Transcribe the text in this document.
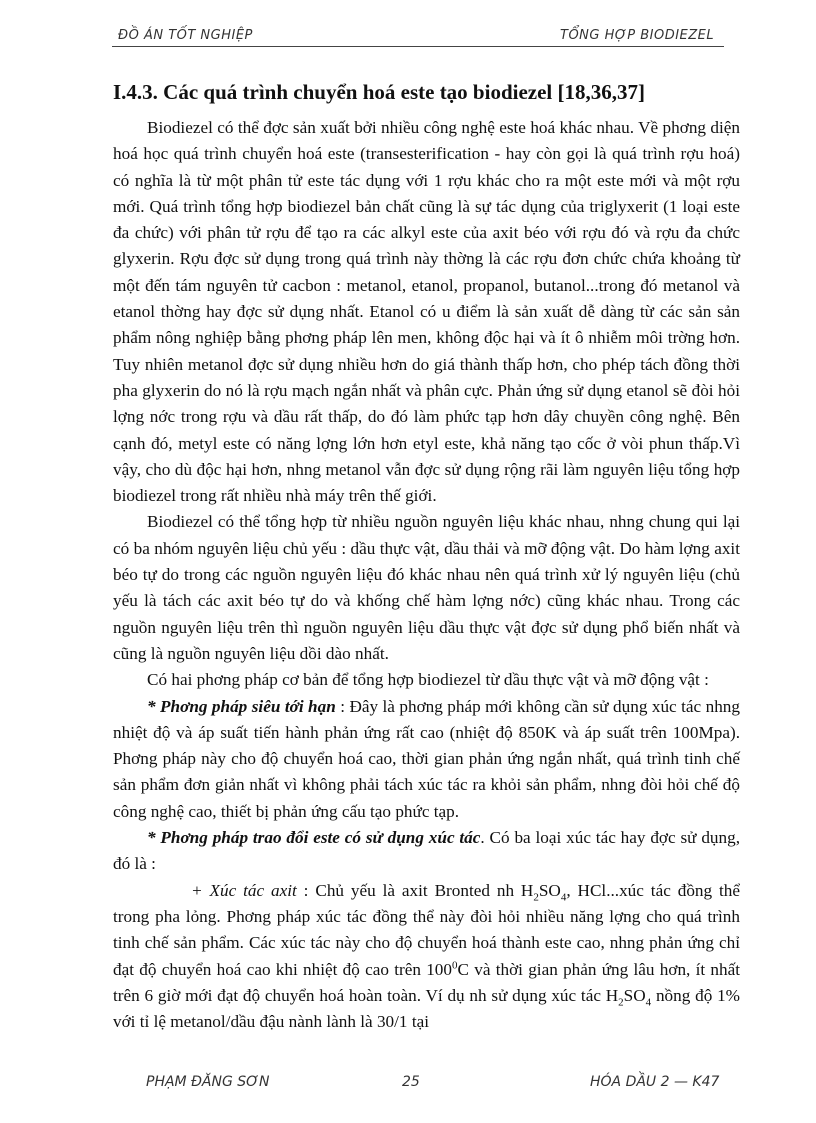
ĐỒ ÁN TỐT NGHIỆP	TỔNG HỢP BIODIEZEL
I.4.3. Các quá trình chuyển hoá este tạo biodiezel [18,36,37]

Biodiezel có thể đợc sản xuất bởi nhiều công nghệ este hoá khác nhau. Về phơng diện hoá học quá trình chuyển hoá este (transesterification - hay còn gọi là quá trình rợu hoá) có nghĩa là từ một phân tử este tác dụng với 1 rợu khác cho ra một este mới và một rợu mới. Quá trình tổng hợp biodiezel bản chất cũng là sự tác dụng của triglyxerit (1 loại este đa chức) với phân tử rợu để tạo ra các alkyl este của axit béo với rợu đó và rợu đa chức glyxerin. Rợu đợc sử dụng trong quá trình này thờng là các rợu đơn chức chứa khoảng từ một đến tám nguyên tử cacbon : metanol, etanol, propanol, butanol...trong đó metanol và etanol thờng hay đợc sử dụng nhất. Etanol có u điểm là sản xuất dễ dàng từ các sản sản phẩm nông nghiệp bằng phơng pháp lên men, không độc hại và ít ô nhiễm môi trờng hơn. Tuy nhiên metanol đợc sử dụng nhiều hơn do giá thành thấp hơn, cho phép tách đồng thời pha glyxerin do nó là rợu mạch ngắn nhất và phân cực. Phản ứng sử dụng etanol sẽ đòi hỏi lợng nớc trong rợu và dầu rất thấp, do đó làm phức tạp hơn dây chuyền công nghệ. Bên cạnh đó, metyl este có năng lợng lớn hơn etyl este, khả năng tạo cốc ở vòi phun thấp.Vì vậy, cho dù độc hại hơn, nhng metanol vẫn đợc sử dụng rộng rãi làm nguyên liệu tổng hợp biodiezel trong rất nhiều nhà máy trên thế giới.

Biodiezel có thể tổng hợp từ nhiều nguồn nguyên liệu khác nhau, nhng chung qui lại có ba nhóm nguyên liệu chủ yếu : dầu thực vật, dầu thải và mỡ động vật. Do hàm lợng axit béo tự do trong các nguồn nguyên liệu đó khác nhau nên quá trình xử lý nguyên liệu (chủ yếu là tách các axit béo tự do và khống chế hàm lợng nớc) cũng khác nhau. Trong các nguồn nguyên liệu trên thì nguồn nguyên liệu dầu thực vật đợc sử dụng phổ biến nhất và cũng là nguồn nguyên liệu dồi dào nhất.

Có hai phơng pháp cơ bản để tổng hợp biodiezel từ dầu thực vật và mỡ động vật :

* Phơng pháp siêu tới hạn : Đây là phơng pháp mới không cần sử dụng xúc tác nhng nhiệt độ và áp suất tiến hành phản ứng rất cao (nhiệt độ 850K và áp suất trên 100Mpa). Phơng pháp này cho độ chuyển hoá cao, thời gian phản ứng ngắn nhất, quá trình tinh chế sản phẩm đơn giản nhất vì không phải tách xúc tác ra khỏi sản phẩm, nhng đòi hỏi chế độ công nghệ cao, thiết bị phản ứng cấu tạo phức tạp.

* Phơng pháp trao đổi este có sử dụng xúc tác. Có ba loại xúc tác hay đợc sử dụng, đó là :

+ Xúc tác axit : Chủ yếu là axit Bronted nh $H_2SO_4$, HCl...xúc tác đồng thể trong pha lỏng. Phơng pháp xúc tác đồng thể này đòi hỏi nhiều năng lợng cho quá trình tinh chế sản phẩm. Các xúc tác này cho độ chuyển hoá thành este cao, nhng phản ứng chỉ đạt độ chuyển hoá cao khi nhiệt độ cao trên $100^0C$ và thời gian phản ứng lâu hơn, ít nhất trên 6 giờ mới đạt độ chuyển hoá hoàn toàn. Ví dụ nh sử dụng xúc tác $H_2SO_4$ nồng độ 1% với tỉ lệ metanol/dầu đậu nành lành là 30/1 tại

PHẠM ĐĂNG SƠN	25	HÓA DẦU 2 — K47
